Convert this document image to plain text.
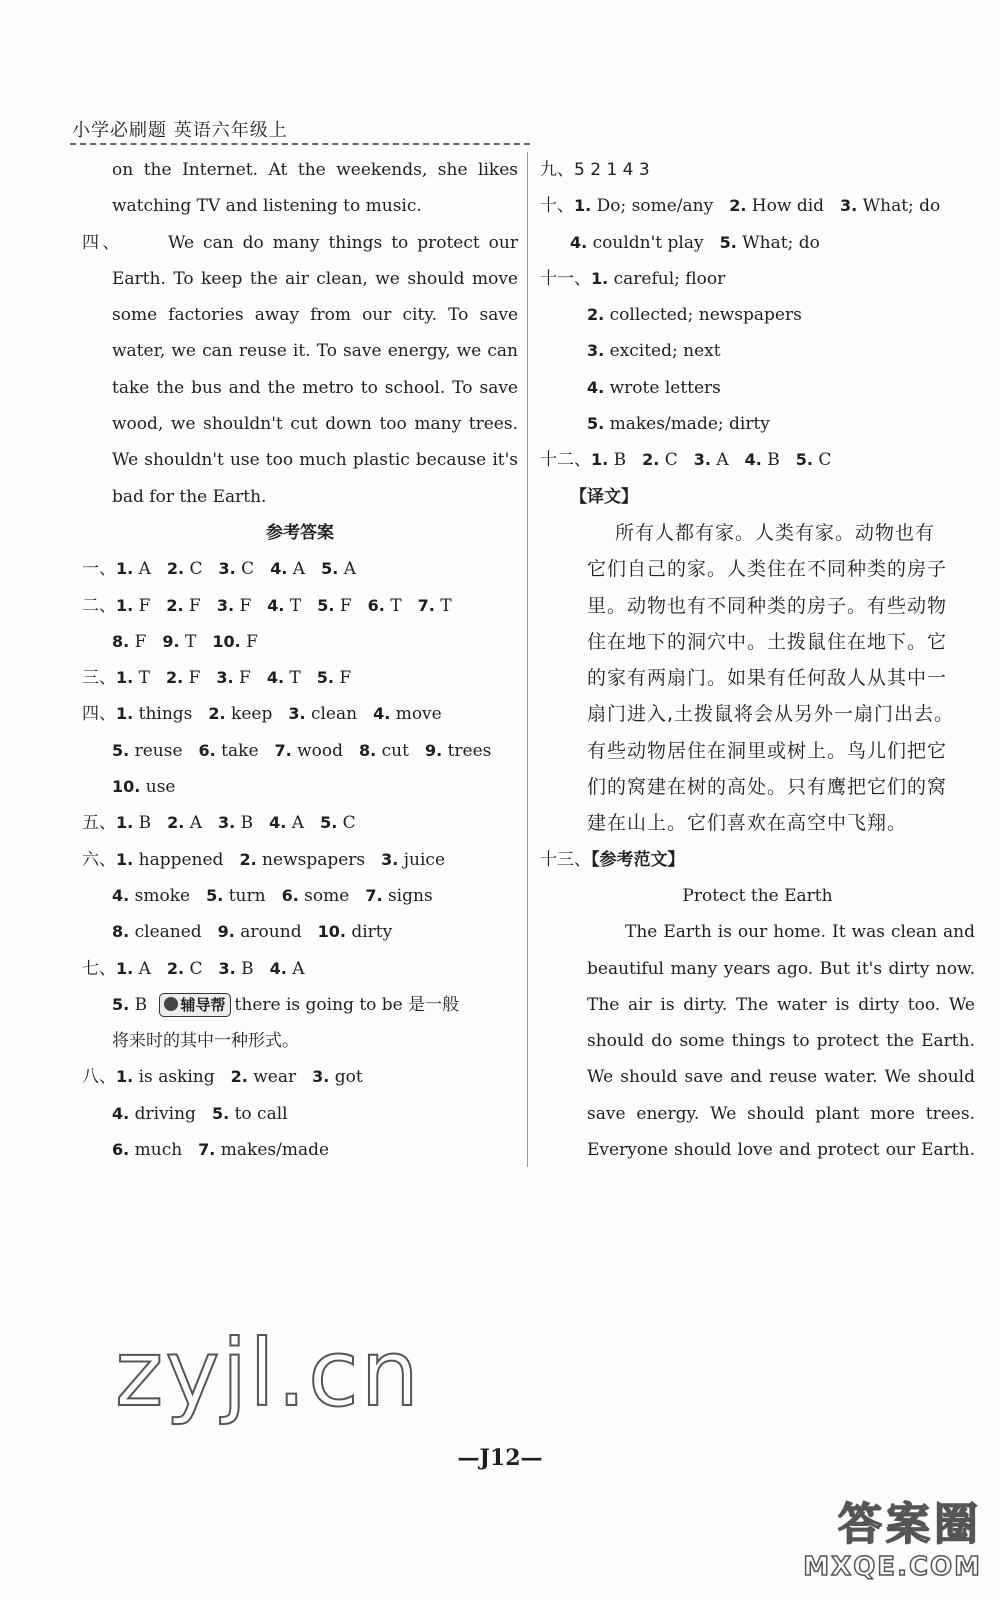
小学必刷题 英语六年级上
on the Internet. At the weekends, she likes
watching TV and listening to music.
四、	We can do many things to protect our
Earth. To keep the air clean, we should move
some factories away from our city. To save
water, we can reuse it. To save energy, we can
take the bus and the metro to school. To save
wood, we shouldn't cut down too many trees.
We shouldn't use too much plastic because it's
bad for the Earth.
参考答案
一、1. A 2. C 3. C 4. A 5. A
二、1. F 2. F 3. F 4. T 5. F 6. T 7. T
8. F 9. T 10. F
三、1. T 2. F 3. F 4. T 5. F
四、1. things 2. keep 3. clean 4. move
5. reuse 6. take 7. wood 8. cut 9. trees
10. use
五、1. B 2. A 3. B 4. A 5. C
六、1. happened 2. newspapers 3. juice
4. smoke 5. turn 6. some 7. signs
8. cleaned 9. around 10. dirty
七、1. A 2. C 3. B 4. A
5. B 辅导帮 there is going to be 是一般
将来时的其中一种形式。
八、1. is asking 2. wear 3. got
4. driving 5. to call
6. much 7. makes/made
九、5 2 1 4 3
十、1. Do; some/any 2. How did 3. What; do
4. couldn't play 5. What; do
十一、1. careful; floor
2. collected; newspapers
3. excited; next
4. wrote letters
5. makes/made; dirty
十二、1. B 2. C 3. A 4. B 5. C
【译文】
所有人都有家。人类有家。动物也有
它们自己的家。人类住在不同种类的房子
里。动物也有不同种类的房子。有些动物
住在地下的洞穴中。土拨鼠住在地下。它
的家有两扇门。如果有任何敌人从其中一
扇门进入,土拨鼠将会从另外一扇门出去。
有些动物居住在洞里或树上。鸟儿们把它
们的窝建在树的高处。只有鹰把它们的窝
建在山上。它们喜欢在高空中飞翔。
十三、【参考范文】
Protect the Earth
The Earth is our home. It was clean and
beautiful many years ago. But it's dirty now.
The air is dirty. The water is dirty too. We
should do some things to protect the Earth.
We should save and reuse water. We should
save energy. We should plant more trees.
Everyone should love and protect our Earth.
zyjl.cn
—J12—
答案圈
MXQE.COM
